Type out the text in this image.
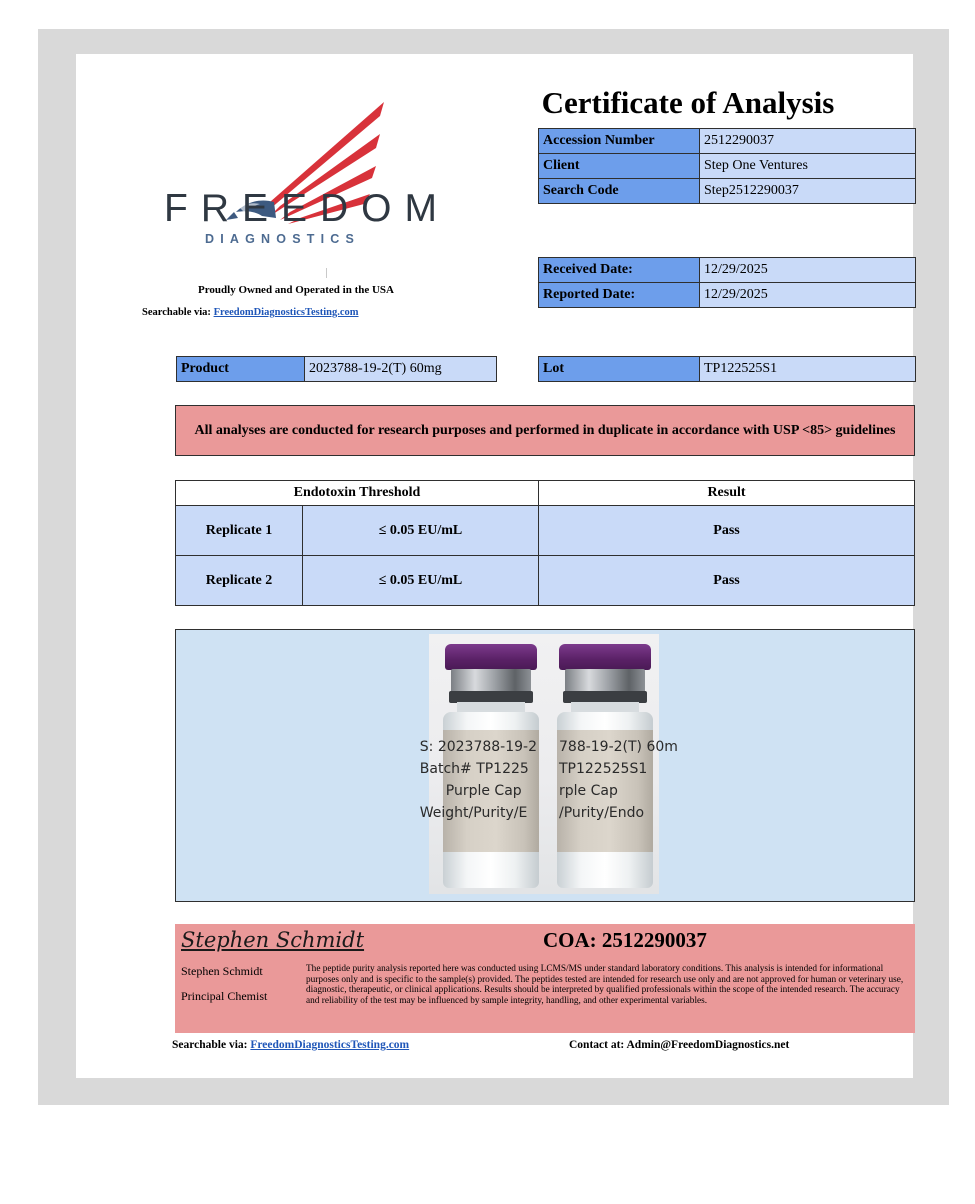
FREEDOM
DIAGNOSTICS
Proudly Owned and Operated in the USA
Searchable via: FreedomDiagnosticsTesting.com
Certificate of Analysis
Accession Number	2512290037
Client	Step One Ventures
Search Code	Step2512290037
Received Date:	12/29/2025
Reported Date:	12/29/2025
Product	2023788-19-2(T) 60mg	Lot	TP122525S1
All analyses are conducted for research purposes and performed in duplicate in accordance with USP <85> guidelines
Endotoxin Threshold		Result
Replicate 1	≤ 0.05 EU/mL	Pass
Replicate 2	≤ 0.05 EU/mL	Pass
S: 2023788-19-2
Batch# TP1225
Purple Cap
Weight/Purity/E
788-19-2(T) 60m
TP122525S1
rple Cap
/Purity/Endo
Stephen Schmidt	COA: 2512290037
Stephen Schmidt
Principal Chemist
The peptide purity analysis reported here was conducted using LCMS/MS under standard laboratory conditions. This analysis is intended for informational purposes only and is specific to the sample(s) provided. The peptides tested are intended for research use only and are not approved for human or veterinary use, diagnostic, therapeutic, or clinical applications. Results should be interpreted by qualified professionals within the scope of the intended research. The accuracy and reliability of the test may be influenced by sample integrity, handling, and other experimental variables.
Searchable via: FreedomDiagnosticsTesting.com	Contact at: Admin@FreedomDiagnostics.net
